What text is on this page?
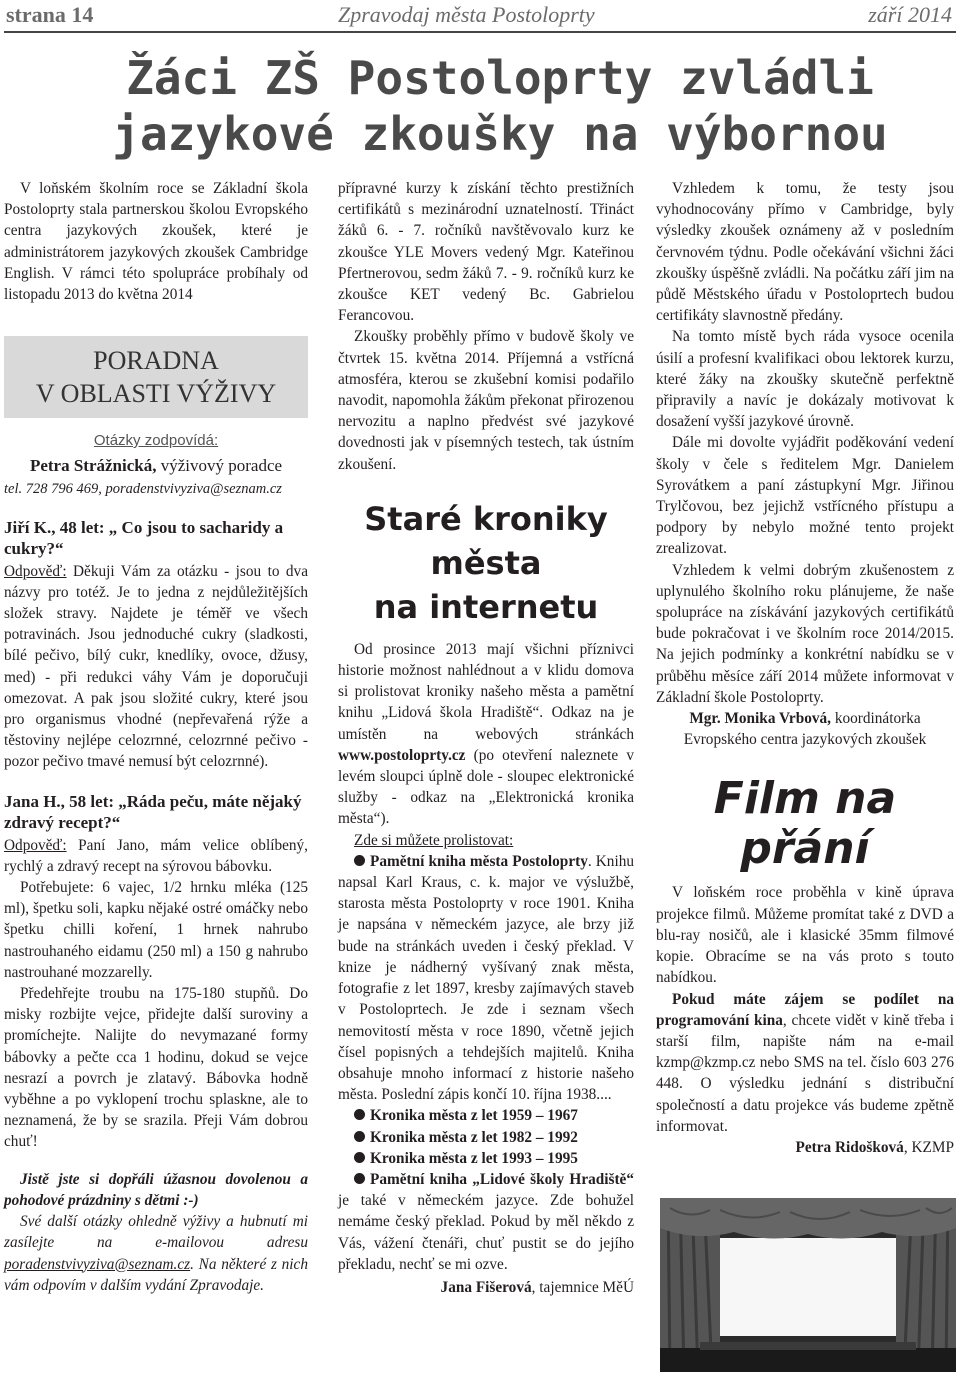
strana 14	Zpravodaj města Postoloprty	září 2014
Žáci ZŠ Postoloprty zvládli
jazykové zkoušky na výbornou

V loňském školním roce se Základní škola Postoloprty stala partnerskou školou Evropského centra jazykových zkoušek, které je administrátorem jazykových zkoušek Cambridge English. V rámci této spolupráce probíhaly od listopadu 2013 do května 2014

PORADNA
V OBLASTI VÝŽIVY

Otázky zodpovídá:

Petra Strážnická, výživový poradce

tel. 728 796 469, poradenstvivyziva@seznam.cz

Jiří K., 48 let: „ Co jsou to sacharidy a cukry?“

Odpověď: Děkuji Vám za otázku - jsou to dva názvy pro totéž. Je to jedna z nejdůležitějších složek stravy. Najdete je téměř ve všech potravinách. Jsou jednoduché cukry (sladkosti, bílé pečivo, bílý cukr, knedlíky, ovoce, džusy, med) - při redukci váhy Vám je doporučuji omezovat. A pak jsou složité cukry, které jsou pro organismus vhodné (nepřevařená rýže a těstoviny nejlépe celozrnné, celozrnné pečivo - pozor pečivo tmavé nemusí být celozrnné).

Jana H., 58 let: „Ráda peču, máte nějaký zdravý recept?“

Odpověď: Paní Jano, mám velice oblíbený, rychlý a zdravý recept na sýrovou bábovku.

Potřebujete: 6 vajec, 1/2 hrnku mléka (125 ml), špetku soli, kapku nějaké ostré omáčky nebo špetku chilli koření, 1 hrnek nahrubo nastrouhaného eidamu (250 ml) a 150 g nahrubo nastrouhané mozzarelly.

Předehřejte troubu na 175-180 stupňů. Do misky rozbijte vejce, přidejte další suroviny a promíchejte. Nalijte do nevymazané formy bábovky a pečte cca 1 hodinu, dokud se vejce nesrazí a povrch je zlatavý. Bábovka hodně vyběhne a po vyklopení trochu splaskne, ale to neznamená, že by se srazila. Přeji Vám dobrou chuť!

Jistě jste si dopřáli úžasnou dovolenou a pohodové prázdniny s dětmi :-)

Své další otázky ohledně výživy a hubnutí mi zasílejte na e-mailovou adresu poradenstvivyziva@seznam.cz. Na některé z nich vám odpovím v dalším vydání Zpravodaje.

přípravné kurzy k získání těchto prestižních certifikátů s mezinárodní uznatelností. Třináct žáků 6. - 7. ročníků navštěvovalo kurz ke zkoušce YLE Movers vedený Mgr. Kateřinou Pfertnerovou, sedm žáků 7. - 9. ročníků kurz ke zkoušce KET vedený Bc. Gabrielou Ferancovou.

Zkoušky proběhly přímo v budově školy ve čtvrtek 15. května 2014. Příjemná a vstřícná atmosféra, kterou se zkušební komisi podařilo navodit, napomohla žákům překonat přirozenou nervozitu a naplno předvést své jazykové dovednosti jak v písemných testech, tak ústním zkoušení.

Staré kroniky
města
na internetu

Od prosince 2013 mají všichni příznivci historie možnost nahlédnout a v klidu domova si prolistovat kroniky našeho města a pamětní knihu „Lidová škola Hradiště“. Odkaz na je umístěn na webových stránkách www.postoloprty.cz (po otevření naleznete v levém sloupci úplně dole - sloupec elektronické služby - odkaz na „Elektronická kronika města“).

Zde si můžete prolistovat:

Pamětní kniha města Postoloprty. Knihu napsal Karl Kraus, c. k. major ve výslužbě, starosta města Postoloprty v roce 1901. Kniha je napsána v německém jazyce, ale brzy již bude na stránkách uveden i český překlad. V knize je nádherný vyšívaný znak města, fotografie z let 1897, kresby zajímavých staveb v Postoloprtech. Je zde i seznam všech nemovitostí města v roce 1890, včetně jejich čísel popisných a tehdejších majitelů. Kniha obsahuje mnoho informací z historie našeho města. Poslední zápis končí 10. října 1938....

Kronika města z let 1959 – 1967

Kronika města z let 1982 – 1992

Kronika města z let 1993 – 1995

Pamětní kniha „Lidové školy Hradiště“ je také v německém jazyce. Zde bohužel nemáme český překlad. Pokud by měl někdo z Vás, vážení čtenáři, chuť pustit se do jejího překladu, nechť se mi ozve.

Jana Fišerová, tajemnice MěÚ

Vzhledem k tomu, že testy jsou vyhodnocovány přímo v Cambridge, byly výsledky zkoušek oznámeny až v posledním červnovém týdnu. Podle očekávání všichni žáci zkoušky úspěšně zvládli. Na počátku září jim na půdě Městského úřadu v Postoloprtech budou certifikáty slavnostně předány.

Na tomto místě bych ráda vysoce ocenila úsilí a profesní kvalifikaci obou lektorek kurzu, které žáky na zkoušky skutečně perfektně připravily a navíc je dokázaly motivovat k dosažení vyšší jazykové úrovně.

Dále mi dovolte vyjádřit poděkování vedení školy v čele s ředitelem Mgr. Danielem Syrovátkem a paní zástupkyní Mgr. Jiřinou Trylčovou, bez jejichž vstřícného přístupu a podpory by nebylo možné tento projekt zrealizovat.

Vzhledem k velmi dobrým zkušenostem z uplynulého školního roku plánujeme, že naše spolupráce na získávání jazykových certifikátů bude pokračovat i ve školním roce 2014/2015. Na jejich podmínky a konkrétní nabídku se v průběhu měsíce září 2014 můžete informovat v Základní škole Postoloprty.

Mgr. Monika Vrbová, koordinátorka Evropského centra jazykových zkoušek

Film na přání

V loňském roce proběhla v kině úprava projekce filmů. Můžeme promítat také z DVD a blu-ray nosičů, ale i klasické 35mm filmové kopie. Obracíme se na vás proto s touto nabídkou.

Pokud máte zájem se podílet na programování kina, chcete vidět v kině třeba i starší film, napište nám na e-mail kzmp@kzmp.cz nebo SMS na tel. číslo 603 276 448. O výsledku jednání s distribuční společností a datu projekce vás budeme zpětně informovat.

Petra Ridošková, KZMP
